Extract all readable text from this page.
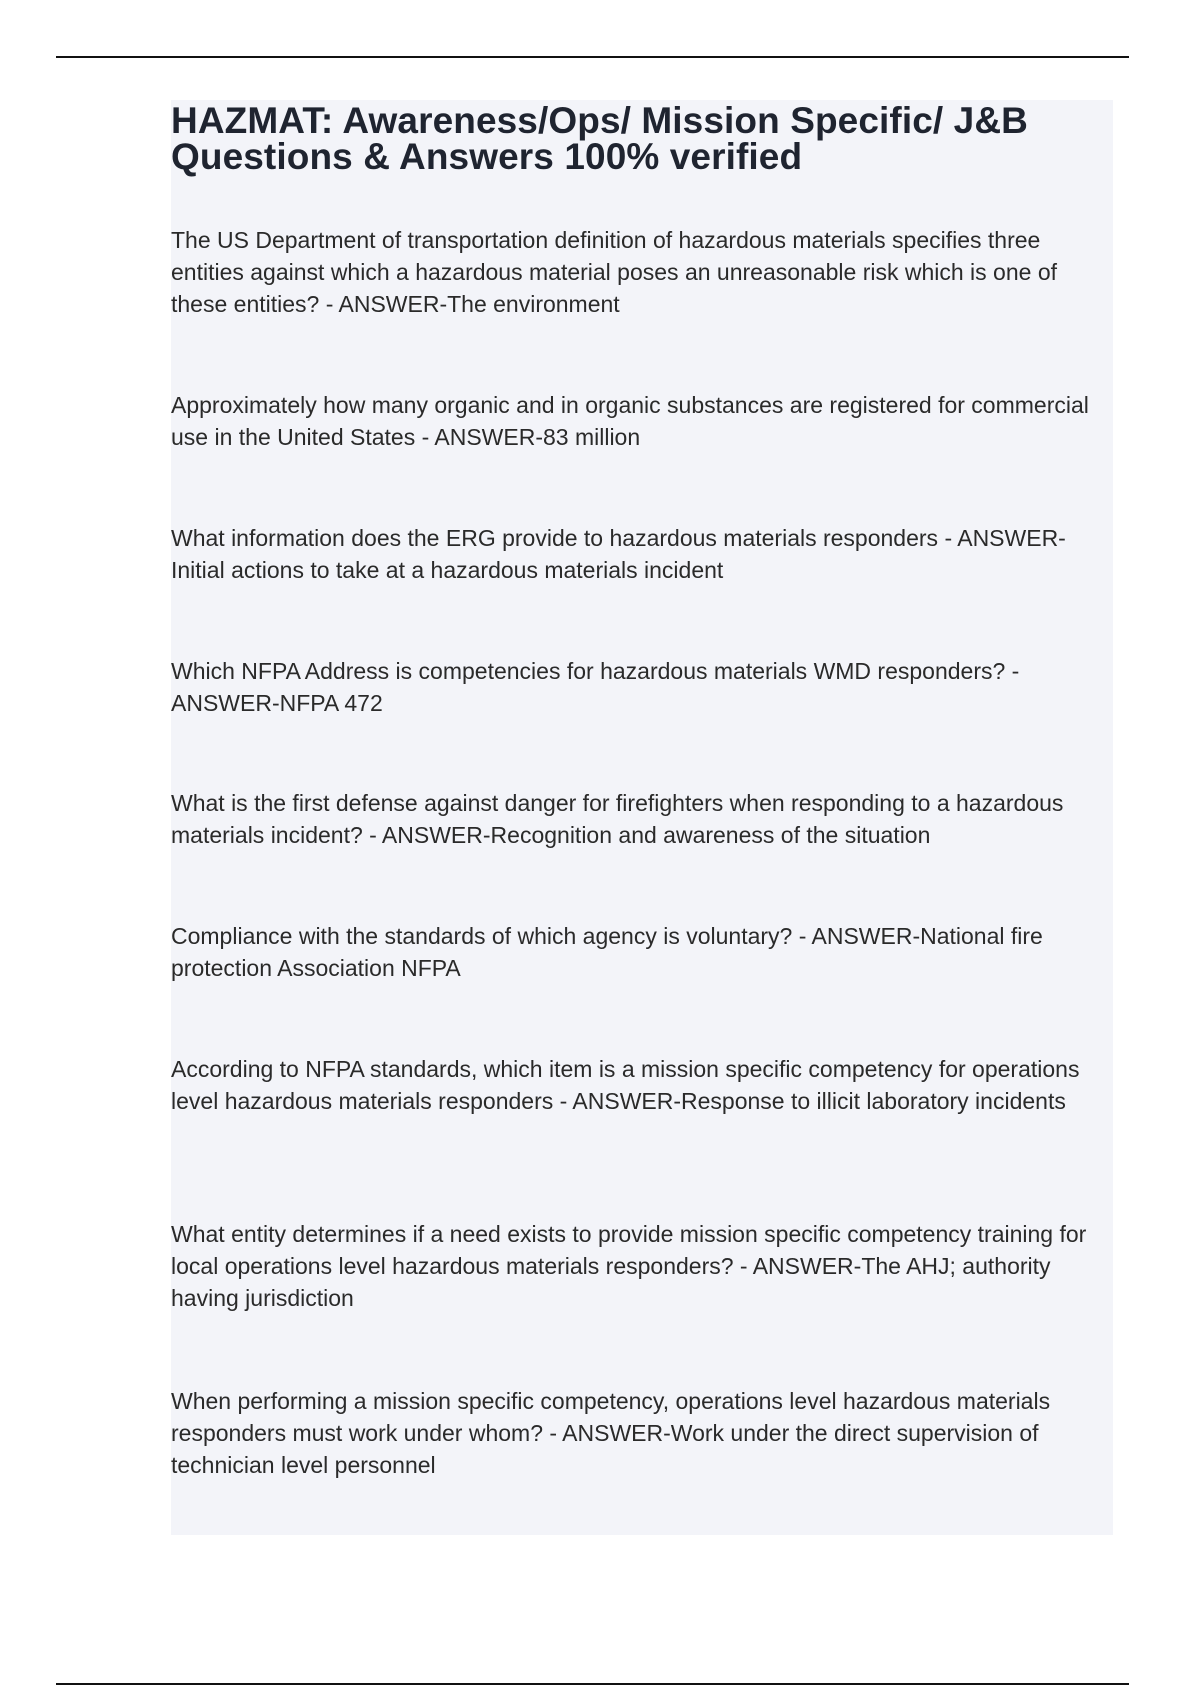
HAZMAT: Awareness/Ops/ Mission Specific/ J&B Questions & Answers 100% verified
The US Department of transportation definition of hazardous materials specifies three entities against which a hazardous material poses an unreasonable risk which is one of these entities? - ANSWER-The environment
Approximately how many organic and in organic substances are registered for commercial use in the United States - ANSWER-83 million
What information does the ERG provide to hazardous materials responders - ANSWER-Initial actions to take at a hazardous materials incident
Which NFPA Address is competencies for hazardous materials WMD responders? - ANSWER-NFPA 472
What is the first defense against danger for firefighters when responding to a hazardous materials incident? - ANSWER-Recognition and awareness of the situation
Compliance with the standards of which agency is voluntary? - ANSWER-National fire protection Association NFPA
According to NFPA standards, which item is a mission specific competency for operations level hazardous materials responders - ANSWER-Response to illicit laboratory incidents
What entity determines if a need exists to provide mission specific competency training for local operations level hazardous materials responders? - ANSWER-The AHJ; authority having jurisdiction
When performing a mission specific competency, operations level hazardous materials responders must work under whom? - ANSWER-Work under the direct supervision of technician level personnel
